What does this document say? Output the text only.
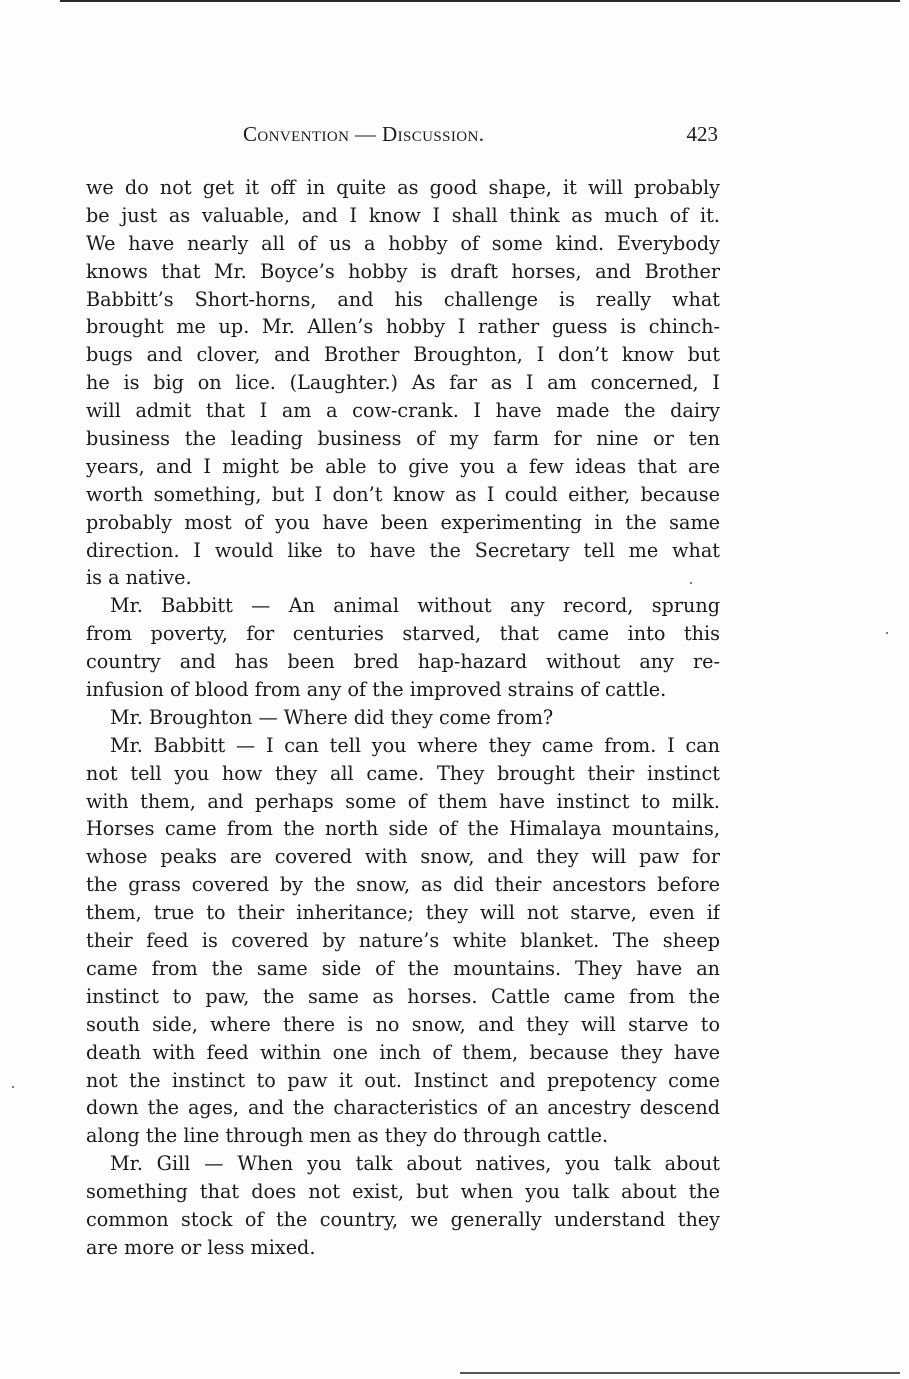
Convention — Discussion.	423
we do not get it off in quite as good shape, it will probably
be just as valuable, and I know I shall think as much of it.
We have nearly all of us a hobby of some kind. Everybody
knows that Mr. Boyce’s hobby is draft horses, and Brother
Babbitt’s Short-horns, and his challenge is really what
brought me up. Mr. Allen’s hobby I rather guess is chinch-
bugs and clover, and Brother Broughton, I don’t know but
he is big on lice. (Laughter.) As far as I am concerned, I
will admit that I am a cow-crank. I have made the dairy
business the leading business of my farm for nine or ten
years, and I might be able to give you a few ideas that are
worth something, but I don’t know as I could either, because
probably most of you have been experimenting in the same
direction. I would like to have the Secretary tell me what
is a native.
Mr. Babbitt — An animal without any record, sprung
from poverty, for centuries starved, that came into this
country and has been bred hap-hazard without any re-
infusion of blood from any of the improved strains of cattle.
Mr. Broughton — Where did they come from?
Mr. Babbitt — I can tell you where they came from. I can
not tell you how they all came. They brought their instinct
with them, and perhaps some of them have instinct to milk.
Horses came from the north side of the Himalaya mountains,
whose peaks are covered with snow, and they will paw for
the grass covered by the snow, as did their ancestors before
them, true to their inheritance; they will not starve, even if
their feed is covered by nature’s white blanket. The sheep
came from the same side of the mountains. They have an
instinct to paw, the same as horses. Cattle came from the
south side, where there is no snow, and they will starve to
death with feed within one inch of them, because they have
not the instinct to paw it out. Instinct and prepotency come
down the ages, and the characteristics of an ancestry descend
along the line through men as they do through cattle.
Mr. Gill — When you talk about natives, you talk about
something that does not exist, but when you talk about the
common stock of the country, we generally understand they
are more or less mixed.
